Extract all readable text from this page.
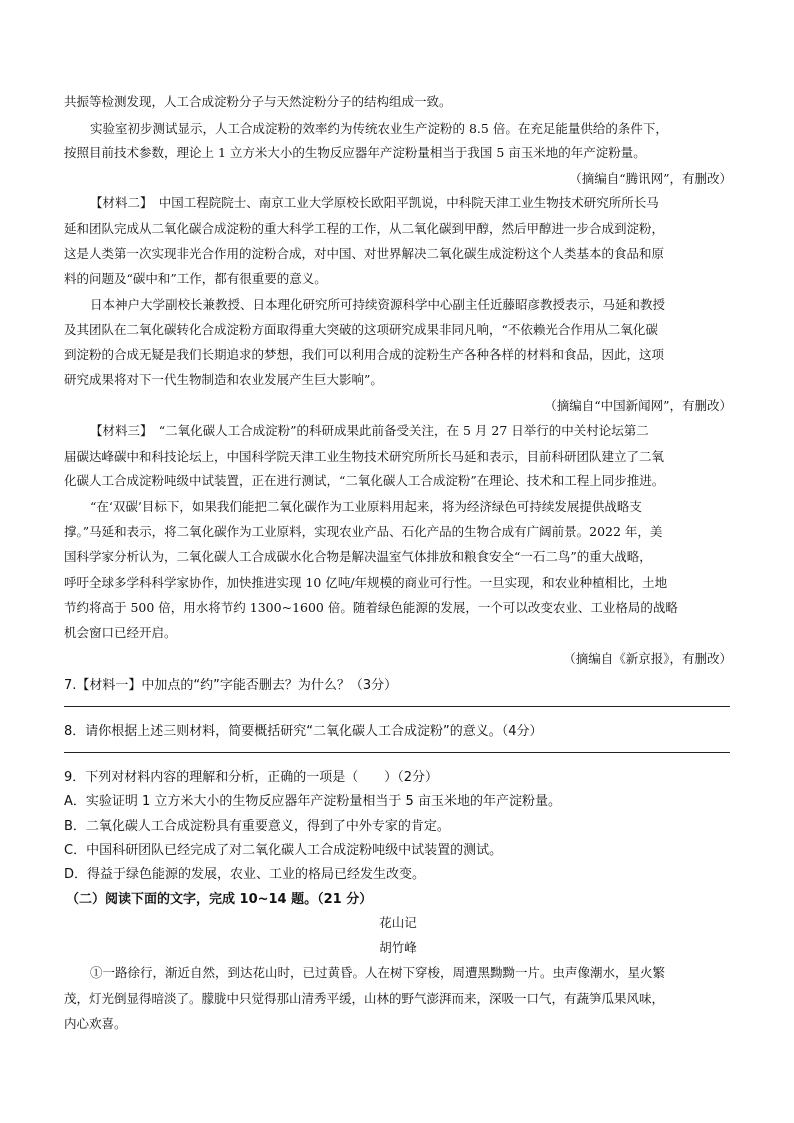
共振等检测发现，人工合成淀粉分子与天然淀粉分子的结构组成一致。
实验室初步测试显示，人工合成淀粉的效率约为传统农业生产淀粉的 8.5 倍。在充足能量供给的条件下，
按照目前技术参数，理论上 1 立方米大小的生物反应器年产淀粉量相当于我国 5 亩玉米地的年产淀粉量。
（摘编自“腾讯网”，有删改）
【材料二】　中国工程院院士、南京工业大学原校长欧阳平凯说，中科院天津工业生物技术研究所所长马
延和团队完成从二氧化碳合成淀粉的重大科学工程的工作，从二氧化碳到甲醇，然后甲醇进一步合成到淀粉，
这是人类第一次实现非光合作用的淀粉合成，对中国、对世界解决二氧化碳生成淀粉这个人类基本的食品和原
料的问题及“碳中和”工作，都有很重要的意义。
日本神户大学副校长兼教授、日本理化研究所可持续资源科学中心副主任近藤昭彦教授表示，马延和教授
及其团队在二氧化碳转化合成淀粉方面取得重大突破的这项研究成果非同凡响，“不依赖光合作用从二氧化碳
到淀粉的合成无疑是我们长期追求的梦想，我们可以利用合成的淀粉生产各种各样的材料和食品，因此，这项
研究成果将对下一代生物制造和农业发展产生巨大影响”。
（摘编自“中国新闻网”，有删改）
【材料三】　“二氧化碳人工合成淀粉”的科研成果此前备受关注，在 5 月 27 日举行的中关村论坛第二
届碳达峰碳中和科技论坛上，中国科学院天津工业生物技术研究所所长马延和表示，目前科研团队建立了二氧
化碳人工合成淀粉吨级中试装置，正在进行测试，“二氧化碳人工合成淀粉”在理论、技术和工程上同步推进。
“在‘双碳’目标下，如果我们能把二氧化碳作为工业原料用起来，将为经济绿色可持续发展提供战略支
撑。”马延和表示，将二氧化碳作为工业原料，实现农业产品、石化产品的生物合成有广阔前景。2022 年，美
国科学家分析认为，二氧化碳人工合成碳水化合物是解决温室气体排放和粮食安全“一石二鸟”的重大战略，
呼吁全球多学科科学家协作，加快推进实现 10 亿吨/年规模的商业可行性。一旦实现，和农业种植相比，土地
节约将高于 500 倍，用水将节约 1300~1600 倍。随着绿色能源的发展，一个可以改变农业、工业格局的战略
机会窗口已经开启。
（摘编自《新京报》，有删改）
7.【材料一】中加点的“约”字能否删去？为什么？（3分）
8．请你根据上述三则材料，简要概括研究“二氧化碳人工合成淀粉”的意义。（4分）
9．下列对材料内容的理解和分析，正确的一项是（　　）（2分）
A．实验证明 1 立方米大小的生物反应器年产淀粉量相当于 5 亩玉米地的年产淀粉量。
B．二氧化碳人工合成淀粉具有重要意义，得到了中外专家的肯定。
C．中国科研团队已经完成了对二氧化碳人工合成淀粉吨级中试装置的测试。
D．得益于绿色能源的发展，农业、工业的格局已经发生改变。
（二）阅读下面的文字，完成 10~14 题。（21 分）
花山记
胡竹峰
①一路徐行，渐近自然，到达花山时，已过黄昏。人在树下穿梭，周遭黑黝黝一片。虫声像潮水，星火繁
茂，灯光倒显得暗淡了。朦胧中只觉得那山清秀平缓，山林的野气澎湃而来，深吸一口气，有蔬笋瓜果风味，
内心欢喜。
